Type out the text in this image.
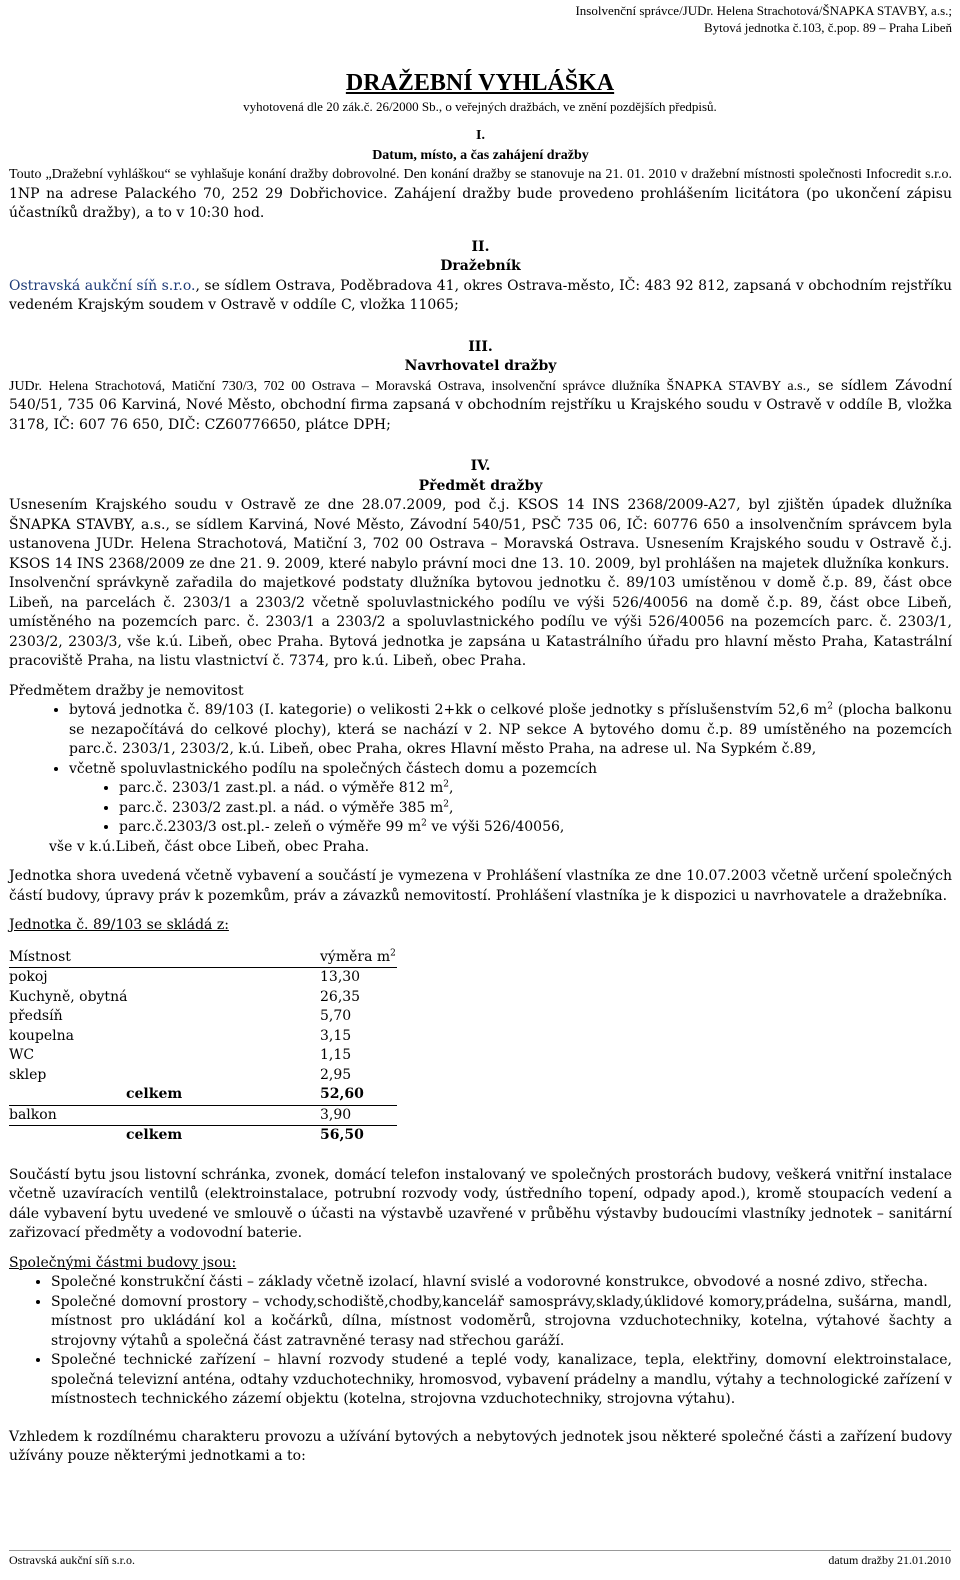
Insolvenční správce/JUDr. Helena Strachotová/ŠNAPKA STAVBY, a.s.;
Bytová jednotka č.103, č.pop. 89 – Praha Libeň
DRAŽEBNÍ VYHLÁŠKA
vyhotovená dle 20 zák.č. 26/2000 Sb., o veřejných dražbách, ve znění pozdějších předpisů.
I.
Datum, místo, a čas zahájení dražby

Touto „Dražební vyhláškou“ se vyhlašuje konání dražby dobrovolné. Den konání dražby se stanovuje na 21. 01. 2010 v dražební místnosti společnosti Infocredit s.r.o. 1NP na adrese Palackého 70, 252 29 Dobřichovice. Zahájení dražby bude provedeno prohlášením licitátora (po ukončení zápisu účastníků dražby), a to v 10:30 hod.

II.
Dražebník

Ostravská aukční síň s.r.o., se sídlem Ostrava, Poděbradova 41, okres Ostrava-město, IČ: 483 92 812, zapsaná v obchodním rejstříku vedeném Krajským soudem v Ostravě v oddíle C, vložka 11065;

III.
Navrhovatel dražby

JUDr. Helena Strachotová, Matiční 730/3, 702 00 Ostrava – Moravská Ostrava, insolvenční správce dlužníka ŠNAPKA STAVBY a.s., se sídlem Závodní 540/51, 735 06 Karviná, Nové Město, obchodní firma zapsaná v obchodním rejstříku u Krajského soudu v Ostravě v oddíle B, vložka 3178, IČ: 607 76 650, DIČ: CZ60776650, plátce DPH;

IV.
Předmět dražby

Usnesením Krajského soudu v Ostravě ze dne 28.07.2009, pod č.j. KSOS 14 INS 2368/2009-A27, byl zjištěn úpadek dlužníka ŠNAPKA STAVBY, a.s., se sídlem Karviná, Nové Město, Závodní 540/51, PSČ 735 06, IČ: 60776 650 a insolvenčním správcem byla ustanovena JUDr. Helena Strachotová, Matiční 3, 702 00 Ostrava – Moravská Ostrava. Usnesením Krajského soudu v Ostravě č.j. KSOS 14 INS 2368/2009 ze dne 21. 9. 2009, které nabylo právní moci dne 13. 10. 2009, byl prohlášen na majetek dlužníka konkurs.

Insolvenční správkyně zařadila do majetkové podstaty dlužníka bytovou jednotku č. 89/103 umístěnou v domě č.p. 89, část obce Libeň, na parcelách č. 2303/1 a 2303/2 včetně spoluvlastnického podílu ve výši 526/40056 na domě č.p. 89, část obce Libeň, umístěného na pozemcích parc. č. 2303/1 a 2303/2 a spoluvlastnického podílu ve výši 526/40056 na pozemcích parc. č. 2303/1, 2303/2, 2303/3, vše k.ú. Libeň, obec Praha. Bytová jednotka je zapsána u Katastrálního úřadu pro hlavní město Praha, Katastrální pracoviště Praha, na listu vlastnictví č. 7374, pro k.ú. Libeň, obec Praha.

Předmětem dražby je nemovitost

• bytová jednotka č. 89/103 (I. kategorie) o velikosti 2+kk o celkové ploše jednotky s příslušenstvím 52,6 $m^2$ (plocha balkonu se nezapočítává do celkové plochy), která se nachází v 2. NP sekce A bytového domu č.p. 89 umístěného na pozemcích parc.č. 2303/1, 2303/2, k.ú. Libeň, obec Praha, okres Hlavní město Praha, na adrese ul. Na Sypkém č.89,
• včetně spoluvlastnického podílu na společných částech domu a pozemcích
• parc.č. 2303/1 zast.pl. a nád. o výměře 812 $m^2$,
• parc.č. 2303/2 zast.pl. a nád. o výměře 385 $m^2$,
• parc.č.2303/3 ost.pl.- zeleň o výměře 99 $m^2$ ve výši 526/40056,

vše v k.ú.Libeň, část obce Libeň, obec Praha.

Jednotka shora uvedená včetně vybavení a součástí je vymezena v Prohlášení vlastníka ze dne 10.07.2003 včetně určení společných částí budovy, úpravy práv k pozemkům, práv a závazků nemovitostí. Prohlášení vlastníka je k dispozici u navrhovatele a dražebníka.

Jednotka č. 89/103 se skládá z:

Místnost		výměra $m^2$
pokoj		13,30
Kuchyně, obytná		26,35
předsíň		5,70
koupelna		3,15
WC		1,15
sklep		2,95
	celkem	52,60
balkon		3,90
	celkem	56,50

Součástí bytu jsou listovní schránka, zvonek, domácí telefon instalovaný ve společných prostorách budovy, veškerá vnitřní instalace včetně uzavíracích ventilů (elektroinstalace, potrubní rozvody vody, ústředního topení, odpady apod.), kromě stoupacích vedení a dále vybavení bytu uvedené ve smlouvě o účasti na výstavbě uzavřené v průběhu výstavby budoucími vlastníky jednotek – sanitární zařizovací předměty a vodovodní baterie.

Společnými částmi budovy jsou:

• Společné konstrukční části – základy včetně izolací, hlavní svislé a vodorovné konstrukce, obvodové a nosné zdivo, střecha.
• Společné domovní prostory – vchody,schodiště,chodby,kancelář samosprávy,sklady,úklidové komory,prádelna, sušárna, mandl, místnost pro ukládání kol a kočárků, dílna, místnost vodoměrů, strojovna vzduchotechniky, kotelna, výtahové šachty a strojovny výtahů a společná část zatravněné terasy nad střechou garáží.
• Společné technické zařízení – hlavní rozvody studené a teplé vody, kanalizace, tepla, elektřiny, domovní elektroinstalace, společná televizní anténa, odtahy vzduchotechniky, hromosvod, vybavení prádelny a mandlu, výtahy a technologické zařízení v místnostech technického zázemí objektu (kotelna, strojovna vzduchotechniky, strojovna výtahu).

Vzhledem k rozdílnému charakteru provozu a užívání bytových a nebytových jednotek jsou některé společné části a zařízení budovy užívány pouze některými jednotkami a to:

Ostravská aukční síň s.r.o.	datum dražby 21.01.2010
